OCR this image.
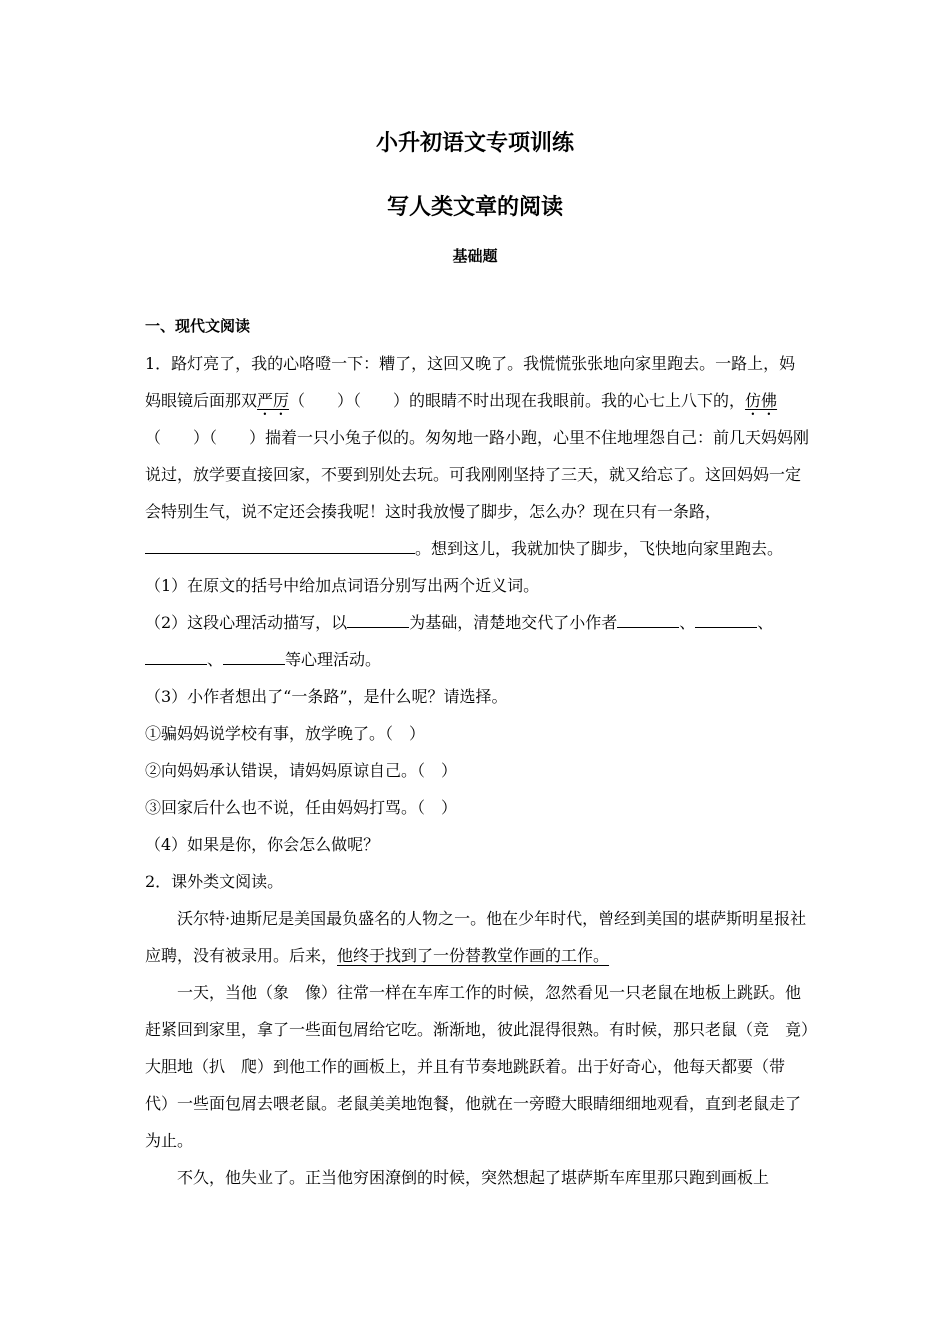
小升初语文专项训练
写人类文章的阅读
基础题
一、现代文阅读

1．路灯亮了，我的心咯噔一下：糟了，这回又晚了。我慌慌张张地向家里跑去。一路上，妈妈眼镜后面那双严厉（　　）（　　）的眼睛不时出现在我眼前。我的心七上八下的，仿佛（　　）（　　）揣着一只小兔子似的。匆匆地一路小跑，心里不住地埋怨自己：前几天妈妈刚说过，放学要直接回家，不要到别处去玩。可我刚刚坚持了三天，就又给忘了。这回妈妈一定会特别生气，说不定还会揍我呢！这时我放慢了脚步，怎么办？现在只有一条路，。想到这儿，我就加快了脚步，飞快地向家里跑去。

（1）在原文的括号中给加点词语分别写出两个近义词。

（2）这段心理活动描写，以	为基础，清楚地交代了小作者	、	、、	等心理活动。

（3）小作者想出了“一条路”，是什么呢？请选择。

①骗妈妈说学校有事，放学晚了。（　）

②向妈妈承认错误，请妈妈原谅自己。（　）

③回家后什么也不说，任由妈妈打骂。（　）

（4）如果是你，你会怎么做呢？

2．课外类文阅读。

沃尔特·迪斯尼是美国最负盛名的人物之一。他在少年时代，曾经到美国的堪萨斯明星报社应聘，没有被录用。后来，他终于找到了一份替教堂作画的工作。

一天，当他（象　像）往常一样在车库工作的时候，忽然看见一只老鼠在地板上跳跃。他赶紧回到家里，拿了一些面包屑给它吃。渐渐地，彼此混得很熟。有时候，那只老鼠（竞　竟）大胆地（扒　爬）到他工作的画板上，并且有节奏地跳跃着。出于好奇心，他每天都要（带　代）一些面包屑去喂老鼠。老鼠美美地饱餐，他就在一旁瞪大眼睛细细地观看，直到老鼠走了为止。

不久，他失业了。正当他穷困潦倒的时候，突然想起了堪萨斯车库里那只跑到画板上
